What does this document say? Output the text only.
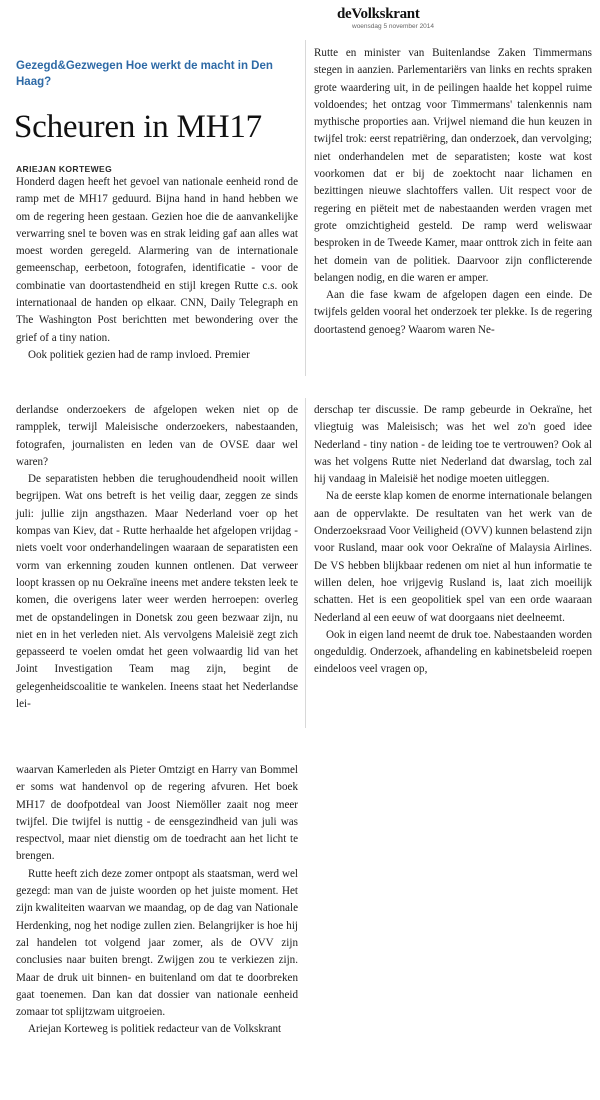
deVolkskrant
woensdag 5 november 2014
Gezegd&Gezwegen Hoe werkt de macht in Den Haag?
Scheuren in MH17
ARIEJAN KORTEWEG

Honderd dagen heeft het gevoel van nationale eenheid rond de ramp met de MH17 geduurd. Bijna hand in hand hebben we om de regering heen gestaan. Gezien hoe die de aanvankelijke verwarring snel te boven was en strak leiding gaf aan alles wat moest worden geregeld. Alarmering van de internationale gemeenschap, eerbetoon, fotografen, identificatie - voor de combinatie van doortastendheid en stijl kregen Rutte c.s. ook internationaal de handen op elkaar. CNN, Daily Telegraph en The Washington Post berichtten met bewondering over the grief of a tiny nation.

Ook politiek gezien had de ramp invloed. Premier

Rutte en minister van Buitenlandse Zaken Timmermans stegen in aanzien. Parlementariërs van links en rechts spraken grote waardering uit, in de peilingen haalde het koppel ruime voldoendes; het ontzag voor Timmermans' talenkennis nam mythische proporties aan. Vrijwel niemand die hun keuzen in twijfel trok: eerst repatriëring, dan onderzoek, dan vervolging; niet onderhandelen met de separatisten; koste wat kost voorkomen dat er bij de zoektocht naar lichamen en bezittingen nieuwe slachtoffers vallen. Uit respect voor de regering en piëteit met de nabestaanden werden vragen met grote omzichtigheid gesteld. De ramp werd weliswaar besproken in de Tweede Kamer, maar onttrok zich in feite aan het domein van de politiek. Daarvoor zijn conflicterende belangen nodig, en die waren er amper.

Aan die fase kwam de afgelopen dagen een einde. De twijfels gelden vooral het onderzoek ter plekke. Is de regering doortastend genoeg? Waarom waren Ne-

derlandse onderzoekers de afgelopen weken niet op de rampplek, terwijl Maleisische onderzoekers, nabestaanden, fotografen, journalisten en leden van de OVSE daar wel waren?

De separatisten hebben die terughoudendheid nooit willen begrijpen. Wat ons betreft is het veilig daar, zeggen ze sinds juli: jullie zijn angsthazen. Maar Nederland voer op het kompas van Kiev, dat - Rutte herhaalde het afgelopen vrijdag - niets voelt voor onderhandelingen waaraan de separatisten een vorm van erkenning zouden kunnen ontlenen. Dat verweer loopt krassen op nu Oekraïne ineens met andere teksten leek te komen, die overigens later weer werden herroepen: overleg met de opstandelingen in Donetsk zou geen bezwaar zijn, nu niet en in het verleden niet. Als vervolgens Maleisië zegt zich gepasseerd te voelen omdat het geen volwaardig lid van het Joint Investigation Team mag zijn, begint de gelegenheidscoalitie te wankelen. Ineens staat het Nederlandse lei-

derschap ter discussie. De ramp gebeurde in Oekraïne, het vliegtuig was Maleisisch; was het wel zo'n goed idee Nederland - tiny nation - de leiding toe te vertrouwen? Ook al was het volgens Rutte niet Nederland dat dwarslag, toch zal hij vandaag in Maleisië het nodige moeten uitleggen.

Na de eerste klap komen de enorme internationale belangen aan de oppervlakte. De resultaten van het werk van de Onderzoeksraad Voor Veiligheid (OVV) kunnen belastend zijn voor Rusland, maar ook voor Oekraïne of Malaysia Airlines. De VS hebben blijkbaar redenen om niet al hun informatie te willen delen, hoe vrijgevig Rusland is, laat zich moeilijk schatten. Het is een geopolitiek spel van een orde waaraan Nederland al een eeuw of wat doorgaans niet deelneemt.

Ook in eigen land neemt de druk toe. Nabestaanden worden ongeduldig. Onderzoek, afhandeling en kabinetsbeleid roepen eindeloos veel vragen op,

waarvan Kamerleden als Pieter Omtzigt en Harry van Bommel er soms wat handenvol op de regering afvuren. Het boek MH17 de doofpotdeal van Joost Niemöller zaait nog meer twijfel. Die twijfel is nuttig - de eensgezindheid van juli was respectvol, maar niet dienstig om de toedracht aan het licht te brengen.

Rutte heeft zich deze zomer ontpopt als staatsman, werd wel gezegd: man van de juiste woorden op het juiste moment. Het zijn kwaliteiten waarvan we maandag, op de dag van Nationale Herdenking, nog het nodige zullen zien. Belangrijker is hoe hij zal handelen tot volgend jaar zomer, als de OVV zijn conclusies naar buiten brengt. Zwijgen zou te verkiezen zijn. Maar de druk uit binnen- en buitenland om dat te doorbreken gaat toenemen. Dan kan dat dossier van nationale eenheid zomaar tot splijtzwam uitgroeien.

Ariejan Korteweg is politiek redacteur van de Volkskrant
